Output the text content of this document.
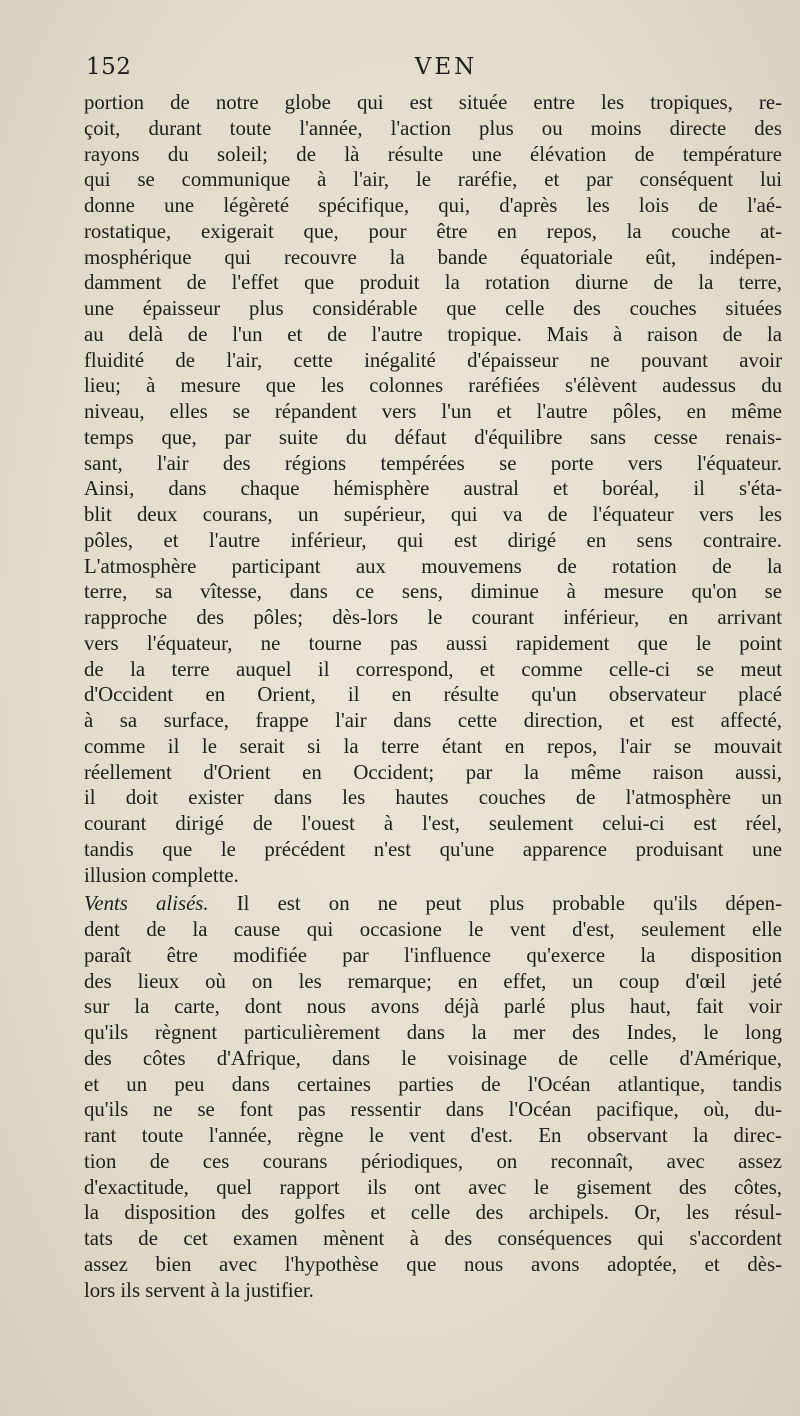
152	VEN
portion de notre globe qui est située entre les tropiques, re-
çoit, durant toute l'année, l'action plus ou moins directe des
rayons du soleil; de là résulte une élévation de température
qui se communique à l'air, le raréfie, et par conséquent lui
donne une légèreté spécifique, qui, d'après les lois de l'aé-
rostatique, exigerait que, pour être en repos, la couche at-
mosphérique qui recouvre la bande équatoriale eût, indépen-
damment de l'effet que produit la rotation diurne de la terre,
une épaisseur plus considérable que celle des couches situées
au delà de l'un et de l'autre tropique. Mais à raison de la
fluidité de l'air, cette inégalité d'épaisseur ne pouvant avoir
lieu; à mesure que les colonnes raréfiées s'élèvent audessus du
niveau, elles se répandent vers l'un et l'autre pôles, en même
temps que, par suite du défaut d'équilibre sans cesse renais-
sant, l'air des régions tempérées se porte vers l'équateur.
Ainsi, dans chaque hémisphère austral et boréal, il s'éta-
blit deux courans, un supérieur, qui va de l'équateur vers les
pôles, et l'autre inférieur, qui est dirigé en sens contraire.
L'atmosphère participant aux mouvemens de rotation de la
terre, sa vîtesse, dans ce sens, diminue à mesure qu'on se
rapproche des pôles; dès-lors le courant inférieur, en arrivant
vers l'équateur, ne tourne pas aussi rapidement que le point
de la terre auquel il correspond, et comme celle-ci se meut
d'Occident en Orient, il en résulte qu'un observateur placé
à sa surface, frappe l'air dans cette direction, et est affecté,
comme il le serait si la terre étant en repos, l'air se mouvait
réellement d'Orient en Occident; par la même raison aussi,
il doit exister dans les hautes couches de l'atmosphère un
courant dirigé de l'ouest à l'est, seulement celui-ci est réel,
tandis que le précédent n'est qu'une apparence produisant une
illusion complette.
Vents alisés. Il est on ne peut plus probable qu'ils dépen-
dent de la cause qui occasione le vent d'est, seulement elle
paraît être modifiée par l'influence qu'exerce la disposition
des lieux où on les remarque; en effet, un coup d'œil jeté
sur la carte, dont nous avons déjà parlé plus haut, fait voir
qu'ils règnent particulièrement dans la mer des Indes, le long
des côtes d'Afrique, dans le voisinage de celle d'Amérique,
et un peu dans certaines parties de l'Océan atlantique, tandis
qu'ils ne se font pas ressentir dans l'Océan pacifique, où, du-
rant toute l'année, règne le vent d'est. En observant la direc-
tion de ces courans périodiques, on reconnaît, avec assez
d'exactitude, quel rapport ils ont avec le gisement des côtes,
la disposition des golfes et celle des archipels. Or, les résul-
tats de cet examen mènent à des conséquences qui s'accordent
assez bien avec l'hypothèse que nous avons adoptée, et dès-
lors ils servent à la justifier.
